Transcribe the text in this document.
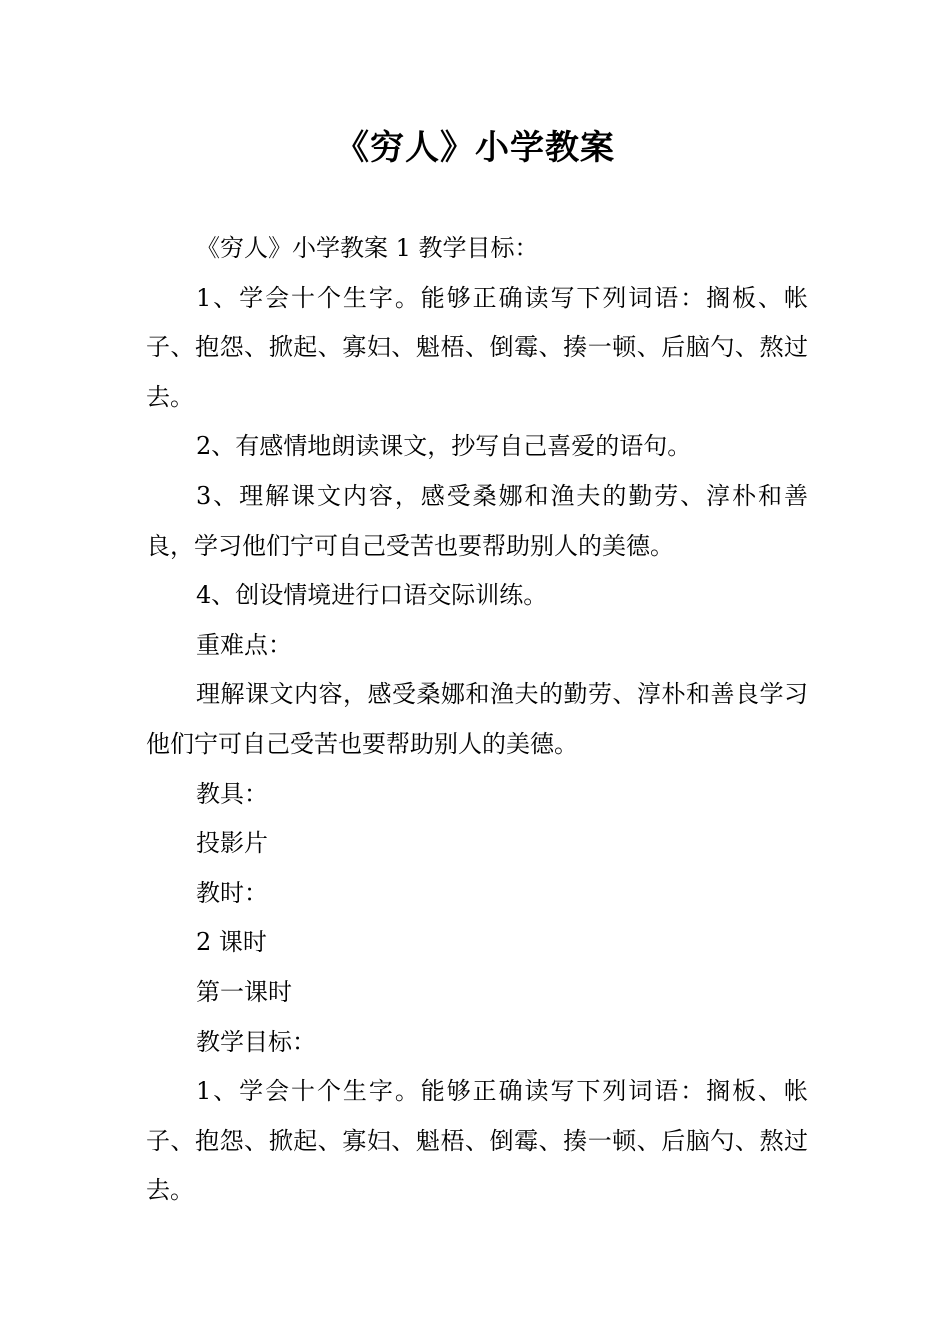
《穷人》小学教案

《穷人》小学教案 1 教学目标：

1、学会十个生字。能够正确读写下列词语：搁板、帐子、抱怨、掀起、寡妇、魁梧、倒霉、揍一顿、后脑勺、熬过去。

2、有感情地朗读课文，抄写自己喜爱的语句。

3、理解课文内容，感受桑娜和渔夫的勤劳、淳朴和善良，学习他们宁可自己受苦也要帮助别人的美德。

4、创设情境进行口语交际训练。

重难点：

理解课文内容，感受桑娜和渔夫的勤劳、淳朴和善良学习他们宁可自己受苦也要帮助别人的美德。

教具：

投影片

教时：

2 课时

第一课时

教学目标：

1、学会十个生字。能够正确读写下列词语：搁板、帐子、抱怨、掀起、寡妇、魁梧、倒霉、揍一顿、后脑勺、熬过去。
